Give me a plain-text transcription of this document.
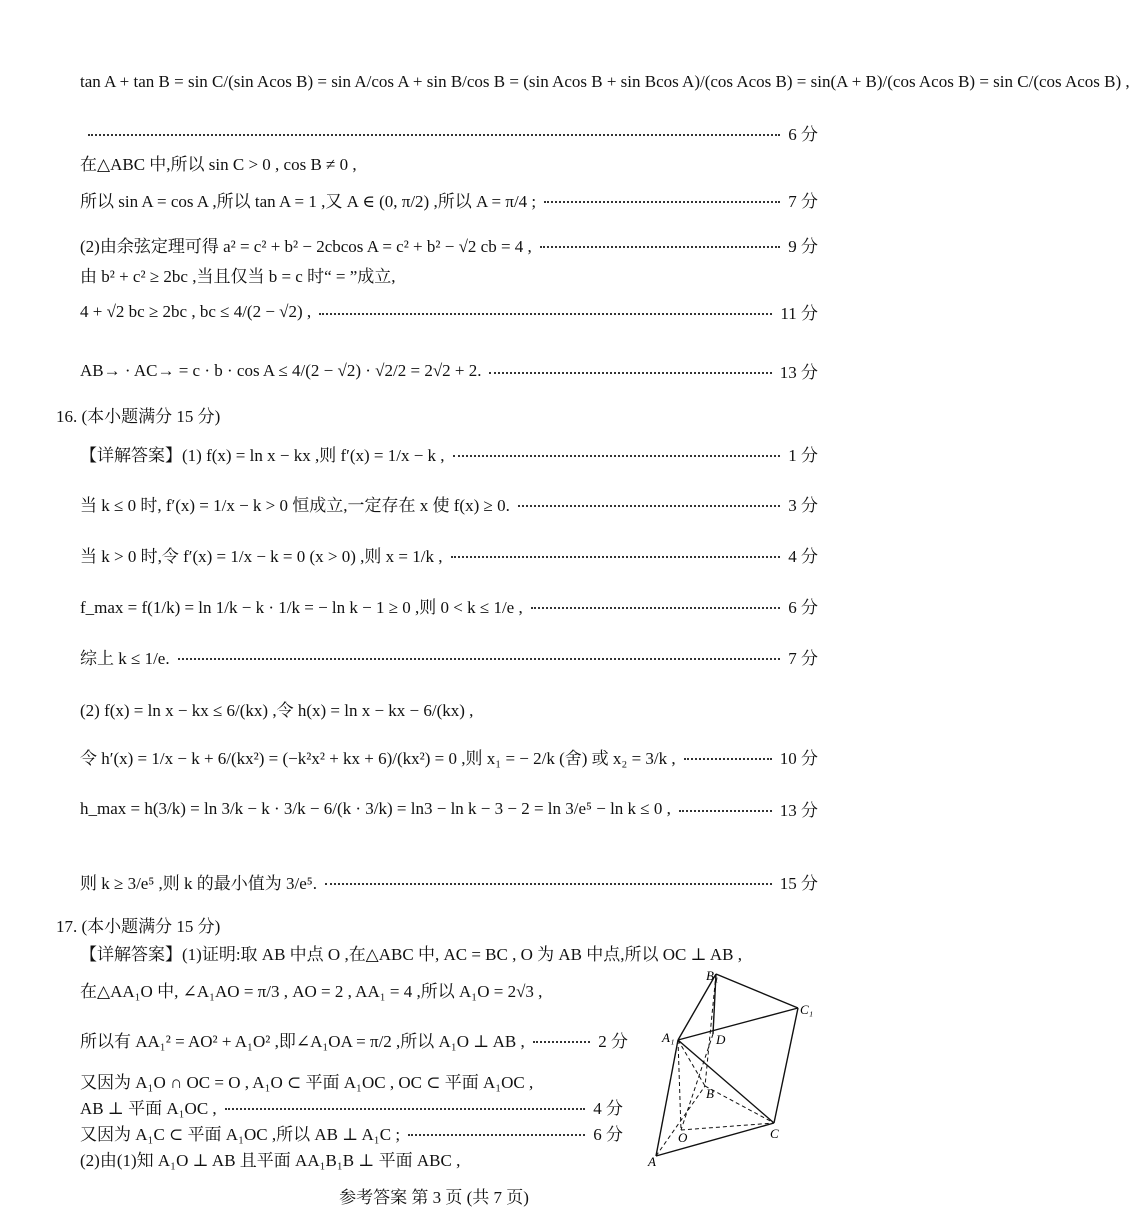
tan A + tan B = sin C/(sin Acos B) = sin A/cos A + sin B/cos B = (sin Acos B + sin Bcos A)/(cos Acos B) = sin(A + B)/(cos Acos B) = sin C/(cos Acos B) ,
6 分
在△ABC 中,所以 sin C > 0 , cos B ≠ 0 ,
所以 sin A = cos A ,所以 tan A = 1 ,又 A ∈ (0, π/2) ,所以 A = π/4 ;	7 分
(2)由余弦定理可得 a² = c² + b² − 2cbcos A = c² + b² − √2 cb = 4 ,	9 分
由 b² + c² ≥ 2bc ,当且仅当 b = c 时“ = ”成立,
4 + √2 bc ≥ 2bc , bc ≤ 4/(2 − √2) ,	11 分
AB→ · AC→ = c · b · cos A ≤ 4/(2 − √2) · √2/2 = 2√2 + 2.	13 分
16. (本小题满分 15 分)
【详解答案】(1) f(x) = ln x − kx ,则 f′(x) = 1/x − k ,	1 分
当 k ≤ 0 时, f′(x) = 1/x − k > 0 恒成立,一定存在 x 使 f(x) ≥ 0.	3 分
当 k > 0 时,令 f′(x) = 1/x − k = 0 (x > 0) ,则 x = 1/k ,	4 分
f_max = f(1/k) = ln 1/k − k · 1/k = − ln k − 1 ≥ 0 ,则 0 < k ≤ 1/e ,	6 分
综上 k ≤ 1/e.	7 分
(2) f(x) = ln x − kx ≤ 6/(kx) ,令 h(x) = ln x − kx − 6/(kx) ,
令 h′(x) = 1/x − k + 6/(kx²) = (−k²x² + kx + 6)/(kx²) = 0 ,则 x₁ = − 2/k (舍) 或 x₂ = 3/k ,	10 分
h_max = h(3/k) = ln 3/k − k · 3/k − 6/(k · 3/k) = ln3 − ln k − 3 − 2 = ln 3/e⁵ − ln k ≤ 0 ,	13 分
则 k ≥ 3/e⁵ ,则 k 的最小值为 3/e⁵.	15 分
17. (本小题满分 15 分)
【详解答案】(1)证明:取 AB 中点 O ,在△ABC 中, AC = BC , O 为 AB 中点,所以 OC ⊥ AB ,
在△AA₁O 中, ∠A₁AO = π/3 , AO = 2 , AA₁ = 4 ,所以 A₁O = 2√3 ,
所以有 AA₁² = AO² + A₁O² ,即∠A₁OA = π/2 ,所以 A₁O ⊥ AB ,	2 分
又因为 A₁O ∩ OC = O , A₁O ⊂ 平面 A₁OC , OC ⊂ 平面 A₁OC ,
AB ⊥ 平面 A₁OC ,	4 分
又因为 A₁C ⊂ 平面 A₁OC ,所以 AB ⊥ A₁C ;	6 分
(2)由(1)知 A₁O ⊥ AB 且平面 AA₁B₁B ⊥ 平面 ABC ,
B₁
C₁
A₁	D
B
O	C
A
参考答案 第 3 页 (共 7 页)
